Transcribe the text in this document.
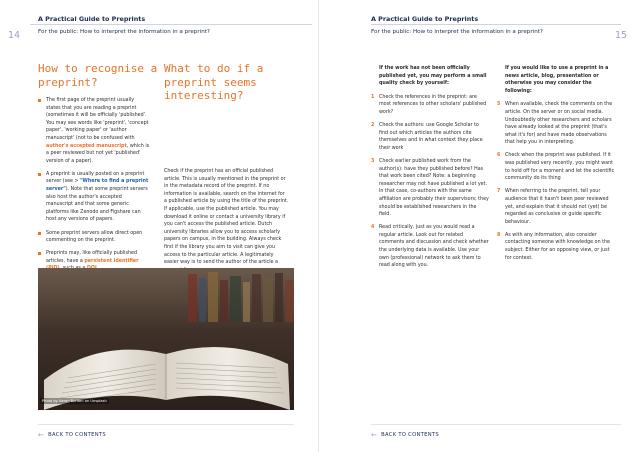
A Practical Guide to Preprints
14	For the public: How to interpret the information in a preprint?
How to recognise a preprint?
The first page of the preprint usually states that you are reading a preprint (sometimes it will be officially 'published'. You may see words like 'preprint', 'concept paper', 'working paper' or 'author manuscript' (not to be confused with author's accepted manuscript, which is a peer reviewed but not yet 'published' version of a paper).
A preprint is usually posted on a preprint server (see > "Where to find a preprint server"). Note that some preprint servers also host the author's accepted manuscript and that some generic platforms like Zenodo and Figshare can host any versions of papers.
Some preprint servers allow direct open commenting on the preprint.
Preprints may, like officially published articles, have a persistent identifier
What to do if a preprint seems interesting?
Check if the preprint has an official published article. This is usually mentioned in the preprint or in the metadata record of the preprint. If no information is available, search on the internet for a published article by using the title of the preprint. If applicable, use the published article. You may download it online or contact a university library if you can't access the published article. Dutch university libraries allow you to access scholarly papers on campus, in the building. Always check first if the library you aim to visit can give you access to the particular article. A legitimately easier way is to send the author of the article a
Photo by Aaron Burden on Unsplash
← BACK TO CONTENTS
A Practical Guide to Preprints
15
For the public: How to interpret the information in a preprint?
If the work has not been officially published yet, you may perform a small quality check by yourself:
1 Check the references in the preprint: are most references to other scholars' published work?
2 Check the authors: use Google Scholar to find out which articles the authors cite themselves and in what context they place their work
3 Check earlier published work from the author(s): have they published before? Has that work been cited? Note: a beginning researcher may not have published a lot yet. In that case, co-authors with the same affiliation are probably their supervisors; they should be established researchers in the field.
4 Read critically, just as you would read a regular article. Look out for related comments and discussion and check whether the underlying data is available. Use your own (professional) network to ask them to read along with you.
If you would like to use a preprint in a news article, blog, presentation or otherwise you may consider the following:
5 When available, check the comments on the article. On the server or on social media. Undoubtedly other researchers and scholars have already looked at the preprint (that's what it's for) and have made observations that help you in interpreting.
6 Check when the preprint was published. If it was published very recently, you might want to hold off for a moment and let the scientific community do its thing
7 When referring to the preprint, tell your audience that it hasn't been peer reviewed yet, and explain that it should not (yet) be regarded as conclusive or guide specific behaviour.
8 As with any information, also consider contacting someone with knowledge on the subject. Either for an opposing view, or just for context.
← BACK TO CONTENTS
